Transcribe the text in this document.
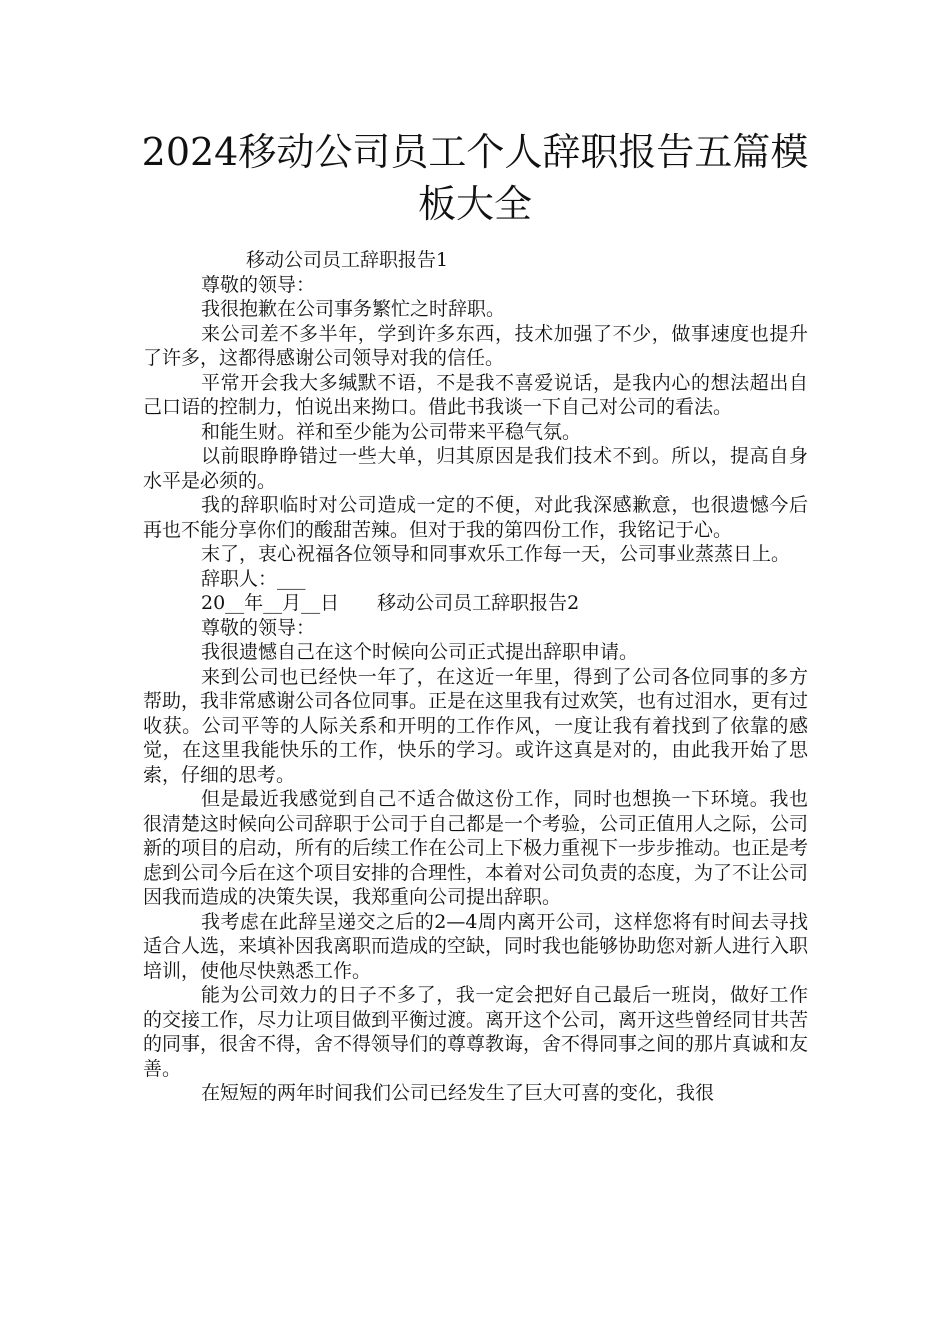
2024移动公司员工个人辞职报告五篇模板大全

移动公司员工辞职报告1

尊敬的领导：

我很抱歉在公司事务繁忙之时辞职。

来公司差不多半年，学到许多东西，技术加强了不少，做事速度也提升了许多，这都得感谢公司领导对我的信任。

平常开会我大多缄默不语，不是我不喜爱说话，是我内心的想法超出自己口语的控制力，怕说出来拗口。借此书我谈一下自己对公司的看法。

和能生财。祥和至少能为公司带来平稳气氛。

以前眼睁睁错过一些大单，归其原因是我们技术不到。所以，提高自身水平是必须的。

我的辞职临时对公司造成一定的不便，对此我深感歉意，也很遗憾今后再也不能分享你们的酸甜苦辣。但对于我的第四份工作，我铭记于心。

末了，衷心祝福各位领导和同事欢乐工作每一天，公司事业蒸蒸日上。

辞职人：___

20__年__月__日　　移动公司员工辞职报告2

尊敬的领导：

我很遗憾自己在这个时候向公司正式提出辞职申请。

来到公司也已经快一年了，在这近一年里，得到了公司各位同事的多方帮助，我非常感谢公司各位同事。正是在这里我有过欢笑，也有过泪水，更有过收获。公司平等的人际关系和开明的工作作风，一度让我有着找到了依靠的感觉，在这里我能快乐的工作，快乐的学习。或许这真是对的，由此我开始了思索，仔细的思考。

但是最近我感觉到自己不适合做这份工作，同时也想换一下环境。我也很清楚这时候向公司辞职于公司于自己都是一个考验，公司正值用人之际，公司新的项目的启动，所有的后续工作在公司上下极力重视下一步步推动。也正是考虑到公司今后在这个项目安排的合理性，本着对公司负责的态度，为了不让公司因我而造成的决策失误，我郑重向公司提出辞职。

我考虑在此辞呈递交之后的2—4周内离开公司，这样您将有时间去寻找适合人选，来填补因我离职而造成的空缺，同时我也能够协助您对新人进行入职培训，使他尽快熟悉工作。

能为公司效力的日子不多了，我一定会把好自己最后一班岗，做好工作的交接工作，尽力让项目做到平衡过渡。离开这个公司，离开这些曾经同甘共苦的同事，很舍不得，舍不得领导们的尊尊教诲，舍不得同事之间的那片真诚和友善。

在短短的两年时间我们公司已经发生了巨大可喜的变化，我很
